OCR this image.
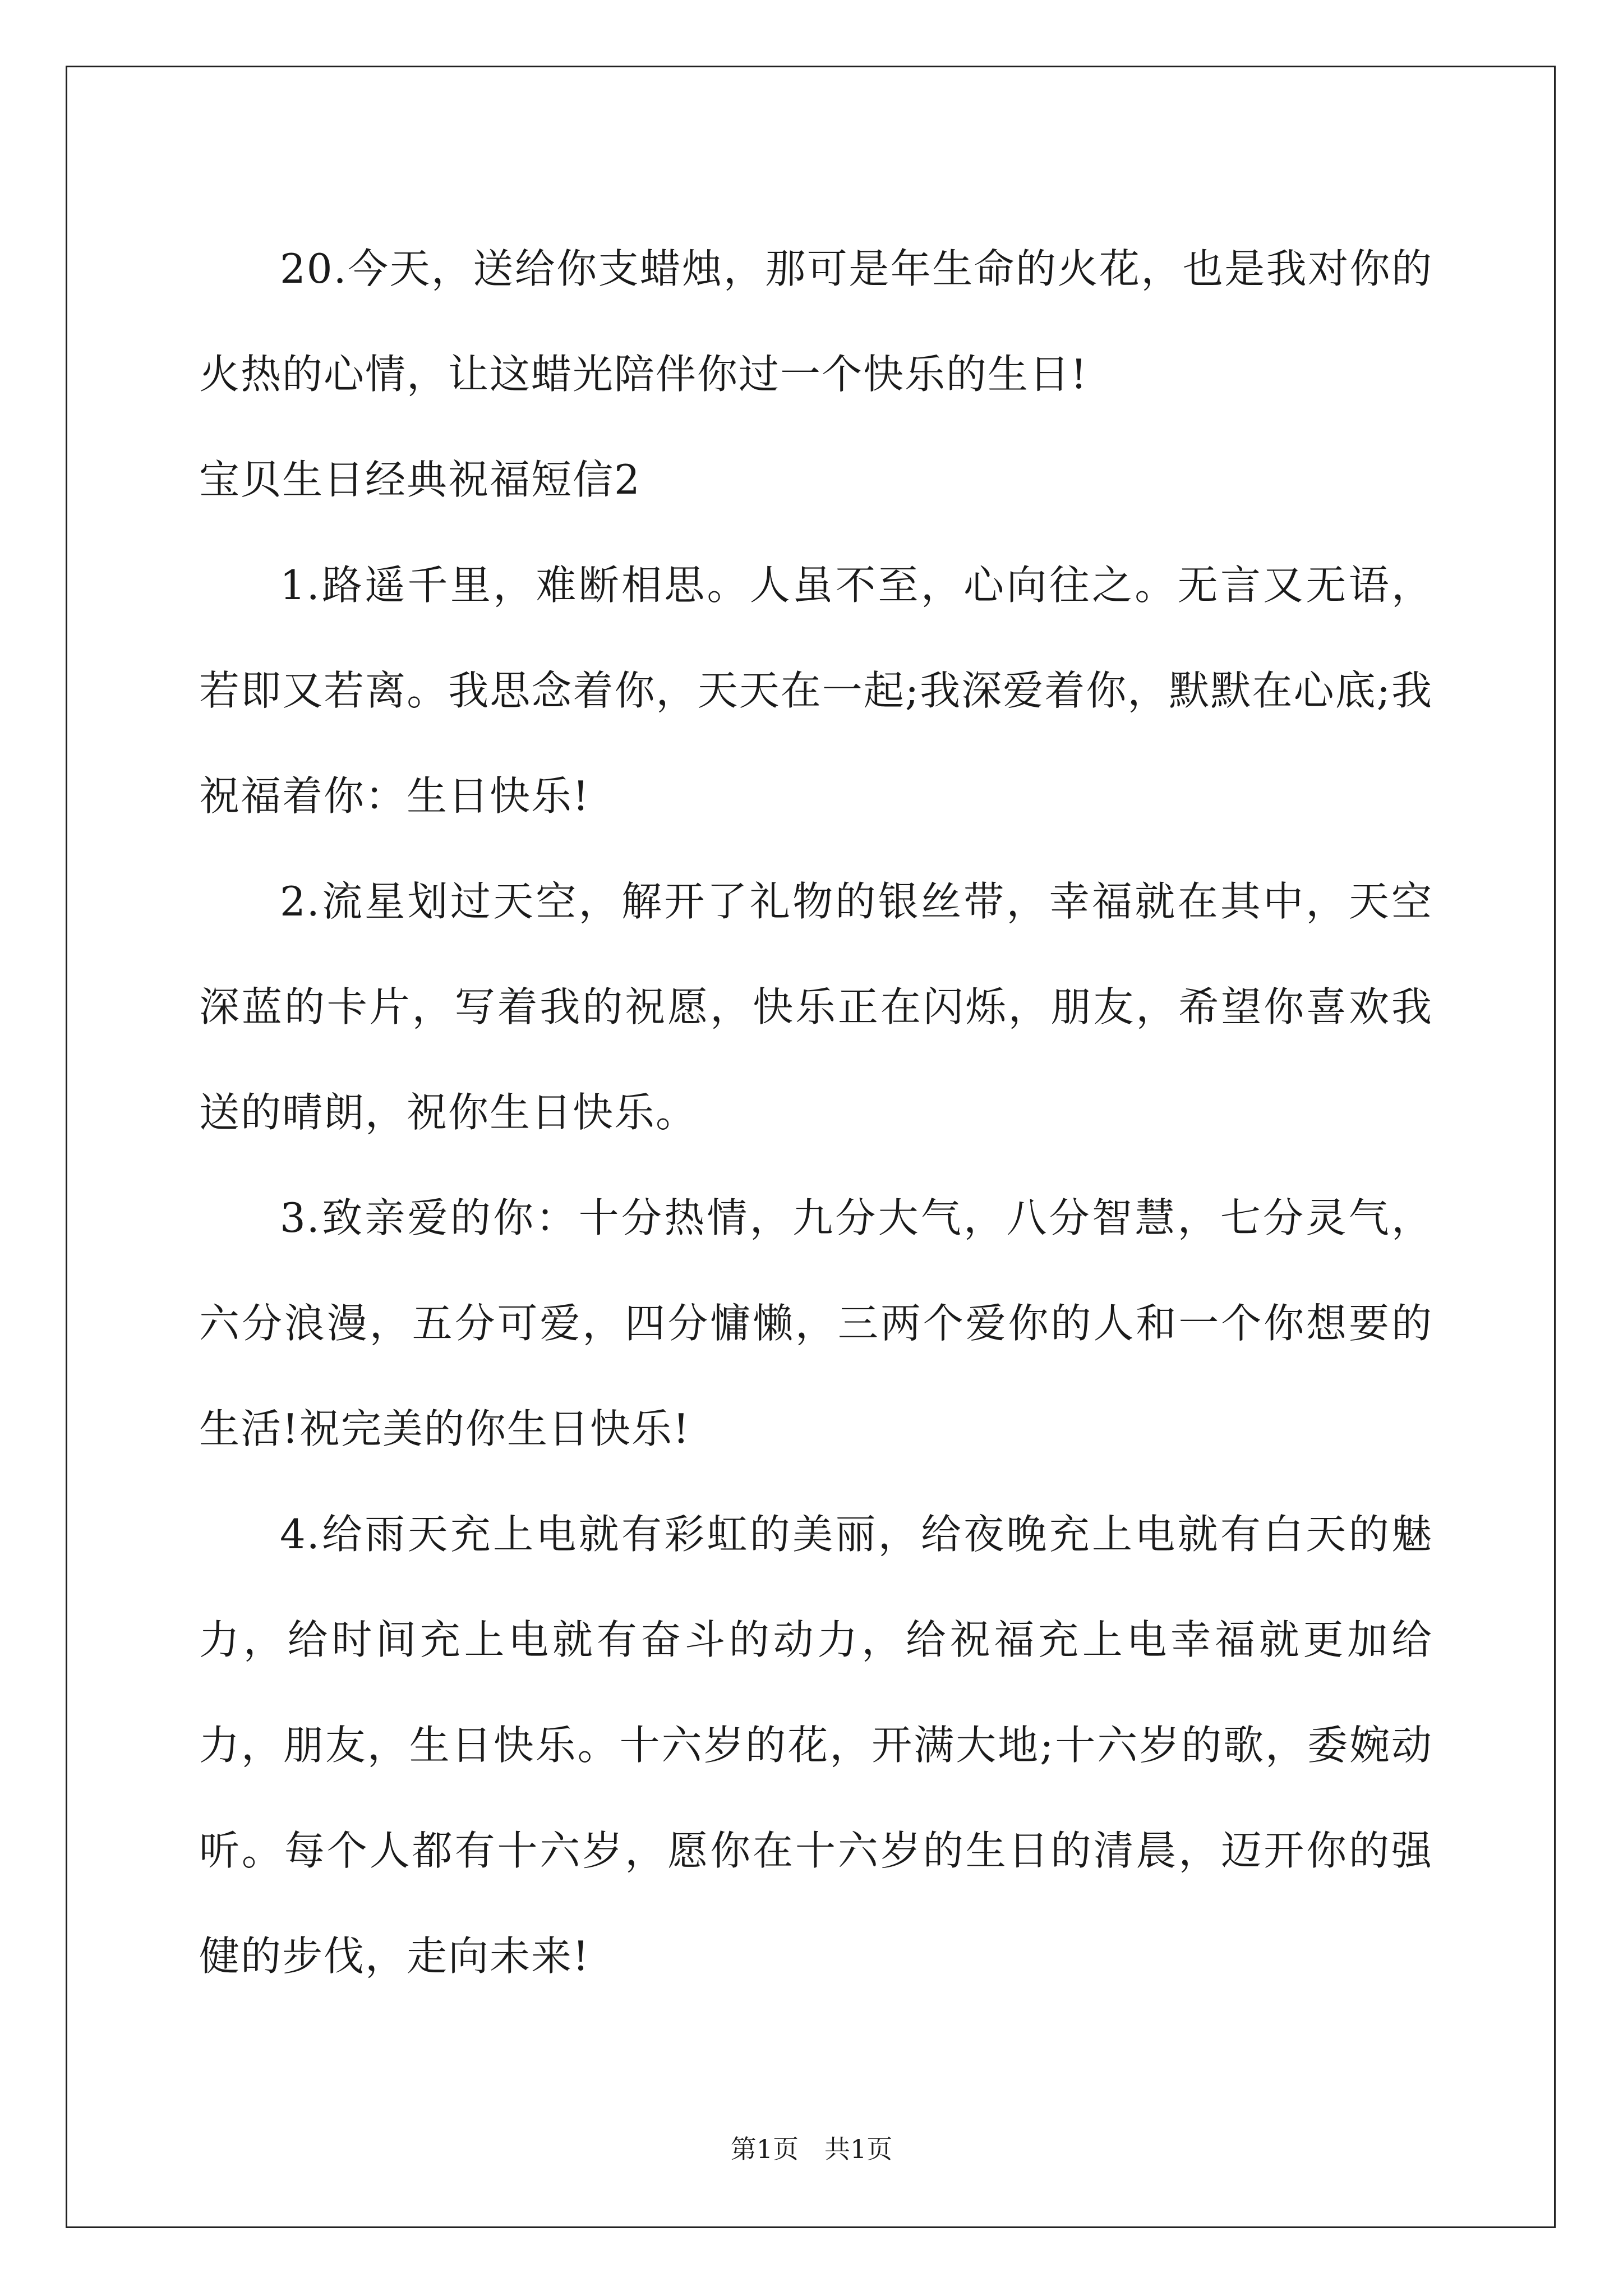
20.今天，送给你支蜡烛，那可是年生命的火花，也是我对你的火热的心情，让这蜡光陪伴你过一个快乐的生日!

宝贝生日经典祝福短信2

1.路遥千里，难断相思。人虽不至，心向往之。无言又无语，若即又若离。我思念着你，天天在一起;我深爱着你，默默在心底;我祝福着你：生日快乐!

2.流星划过天空，解开了礼物的银丝带，幸福就在其中，天空深蓝的卡片，写着我的祝愿，快乐正在闪烁，朋友，希望你喜欢我送的晴朗，祝你生日快乐。

3.致亲爱的你：十分热情，九分大气，八分智慧，七分灵气，六分浪漫，五分可爱，四分慵懒，三两个爱你的人和一个你想要的生活!祝完美的你生日快乐!

4.给雨天充上电就有彩虹的美丽，给夜晚充上电就有白天的魅力，给时间充上电就有奋斗的动力，给祝福充上电幸福就更加给力，朋友，生日快乐。十六岁的花，开满大地;十六岁的歌，委婉动听。每个人都有十六岁，愿你在十六岁的生日的清晨，迈开你的强健的步伐，走向未来!

第1页　共1页
